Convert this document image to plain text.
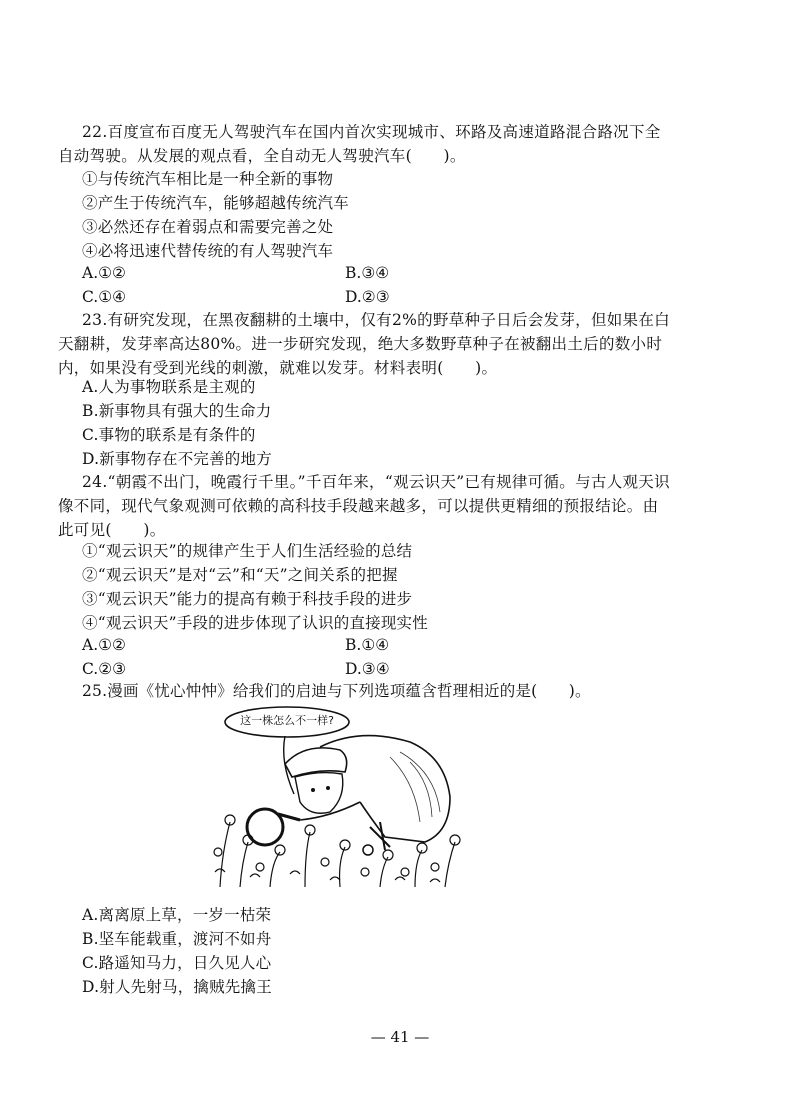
22.百度宣布百度无人驾驶汽车在国内首次实现城市、环路及高速道路混合路况下全自动驾驶。从发展的观点看，全自动无人驾驶汽车(　　)。
①与传统汽车相比是一种全新的事物
②产生于传统汽车，能够超越传统汽车
③必然还存在着弱点和需要完善之处
④必将迅速代替传统的有人驾驶汽车
A.①②	B.③④
C.①④	D.②③
23.有研究发现，在黑夜翻耕的土壤中，仅有2%的野草种子日后会发芽，但如果在白天翻耕，发芽率高达80%。进一步研究发现，绝大多数野草种子在被翻出土后的数小时内，如果没有受到光线的刺激，就难以发芽。材料表明(　　)。
A.人为事物联系是主观的
B.新事物具有强大的生命力
C.事物的联系是有条件的
D.新事物存在不完善的地方
24.“朝霞不出门，晚霞行千里。”千百年来，“观云识天”已有规律可循。与古人观天识像不同，现代气象观测可依赖的高科技手段越来越多，可以提供更精细的预报结论。由此可见(　　)。
①“观云识天”的规律产生于人们生活经验的总结
②“观云识天”是对“云”和“天”之间关系的把握
③“观云识天”能力的提高有赖于科技手段的进步
④“观云识天”手段的进步体现了认识的直接现实性
A.①②	B.①④
C.②③	D.③④
25.漫画《忧心忡忡》给我们的启迪与下列选项蕴含哲理相近的是(　　)。
这一株怎么不一样?
A.离离原上草，一岁一枯荣
B.坚车能载重，渡河不如舟
C.路遥知马力，日久见人心
D.射人先射马，擒贼先擒王
— 41 —
